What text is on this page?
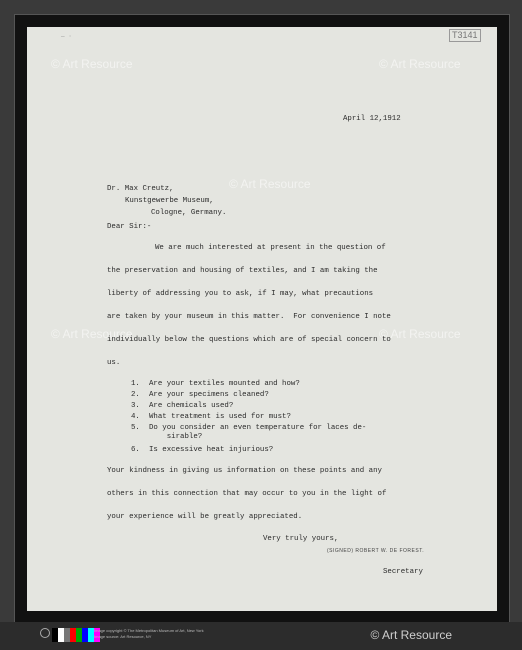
— ·	T3141
© Art Resource	© Art Resource
© Art Resource
© Art Resource	© Art Resource
April 12,1912
Dr. Max Creutz,
Kunstgewerbe Museum,
Cologne, Germany.
Dear Sir:-
We are much interested at present in the question of
the preservation and housing of textiles, and I am taking the
liberty of addressing you to ask, if I may, what precautions
are taken by your museum in this matter.  For convenience I note
individually below the questions which are of special concern to
us.
1. Are your textiles mounted and how?
2. Are your specimens cleaned?
3. Are chemicals used?
4. What treatment is used for must?
5. Do you consider an even temperature for laces de-
sirable?
6. Is excessive heat injurious?
Your kindness in giving us information on these points and any
others in this connection that may occur to you in the light of
your experience will be greatly appreciated.
Very truly yours,
(SIGNED) ROBERT W. DE FOREST.
Secretary
Image copyright © The Metropolitan Museum of Art, New York
Image source: Art Resource, NY	© Art Resource
